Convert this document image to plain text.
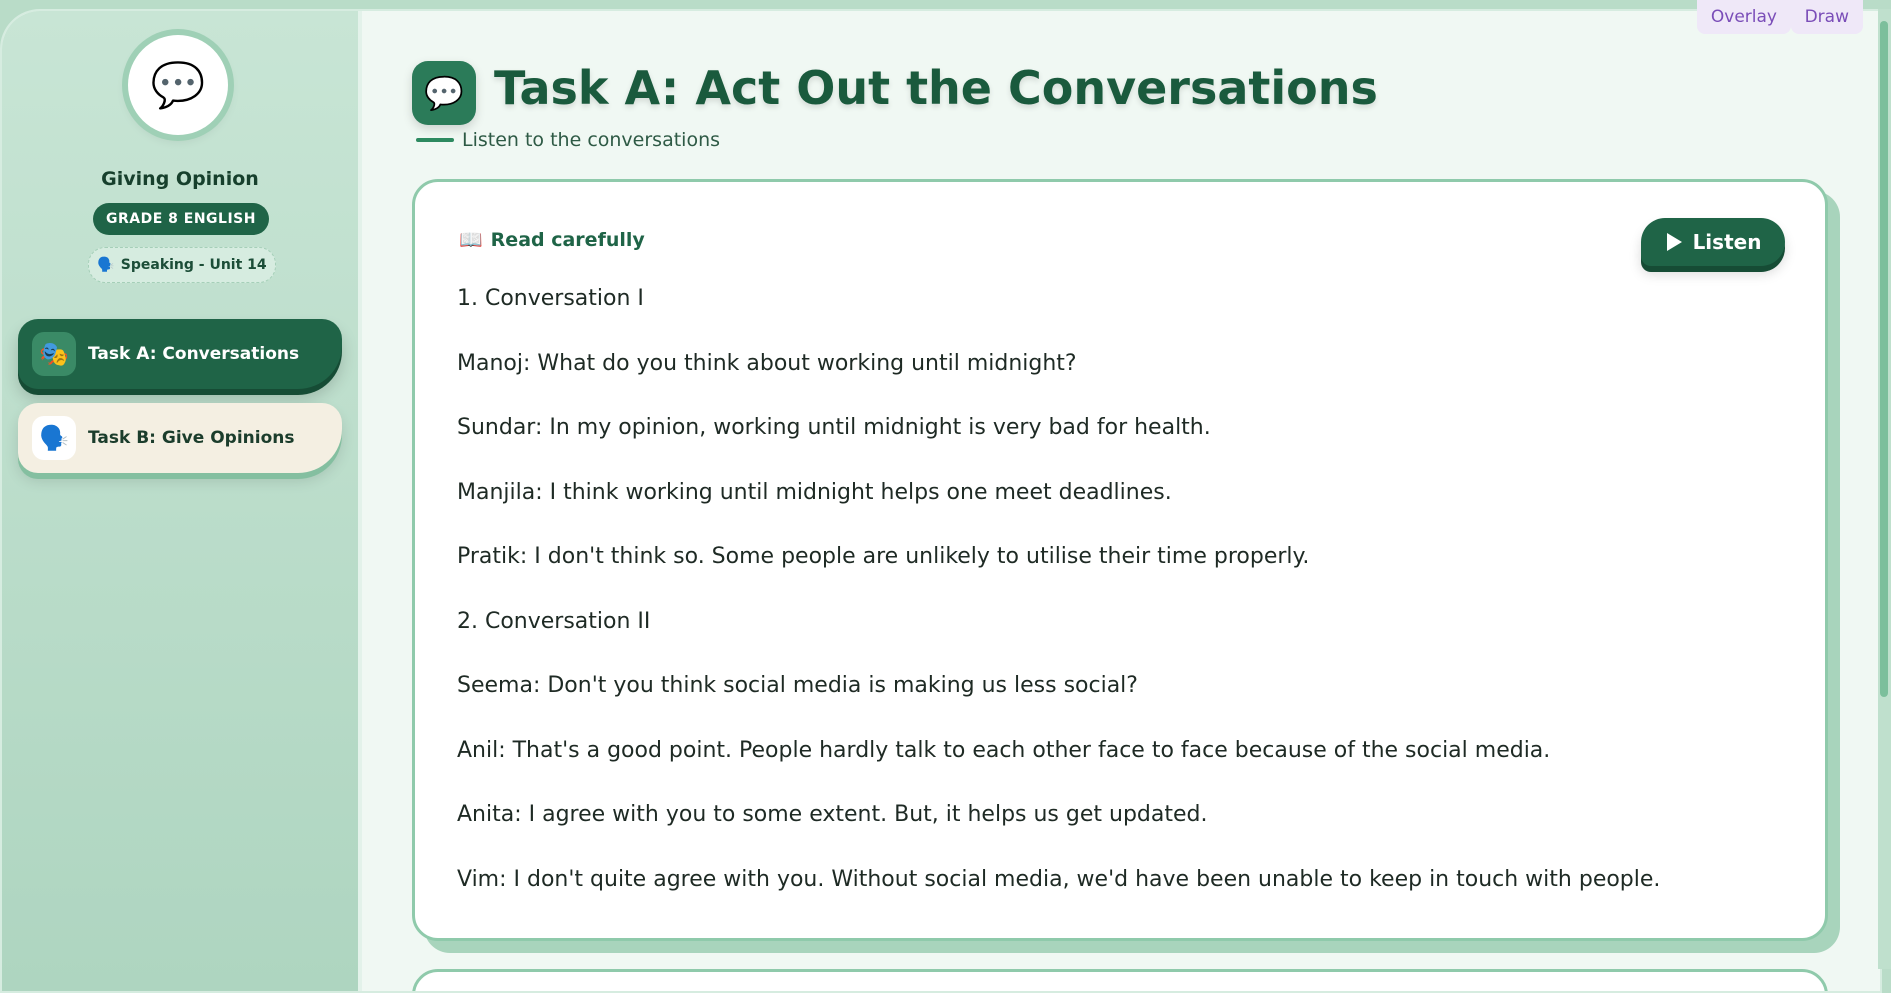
💬
Giving Opinion
GRADE 8 ENGLISH
🗣️ Speaking - Unit 14
🎭	Task A: Conversations
🗣️	Task B: Give Opinions
💬 Task A: Act Out the Conversations
Listen to the conversations
📖 Read carefully	Listen
1. Conversation I
Manoj: What do you think about working until midnight?
Sundar: In my opinion, working until midnight is very bad for health.
Manjila: I think working until midnight helps one meet deadlines.
Pratik: I don't think so. Some people are unlikely to utilise their time properly.
2. Conversation II
Seema: Don't you think social media is making us less social?
Anil: That's a good point. People hardly talk to each other face to face because of the social media.
Anita: I agree with you to some extent. But, it helps us get updated.
Vim: I don't quite agree with you. Without social media, we'd have been unable to keep in touch with people.
Overlay	Draw
